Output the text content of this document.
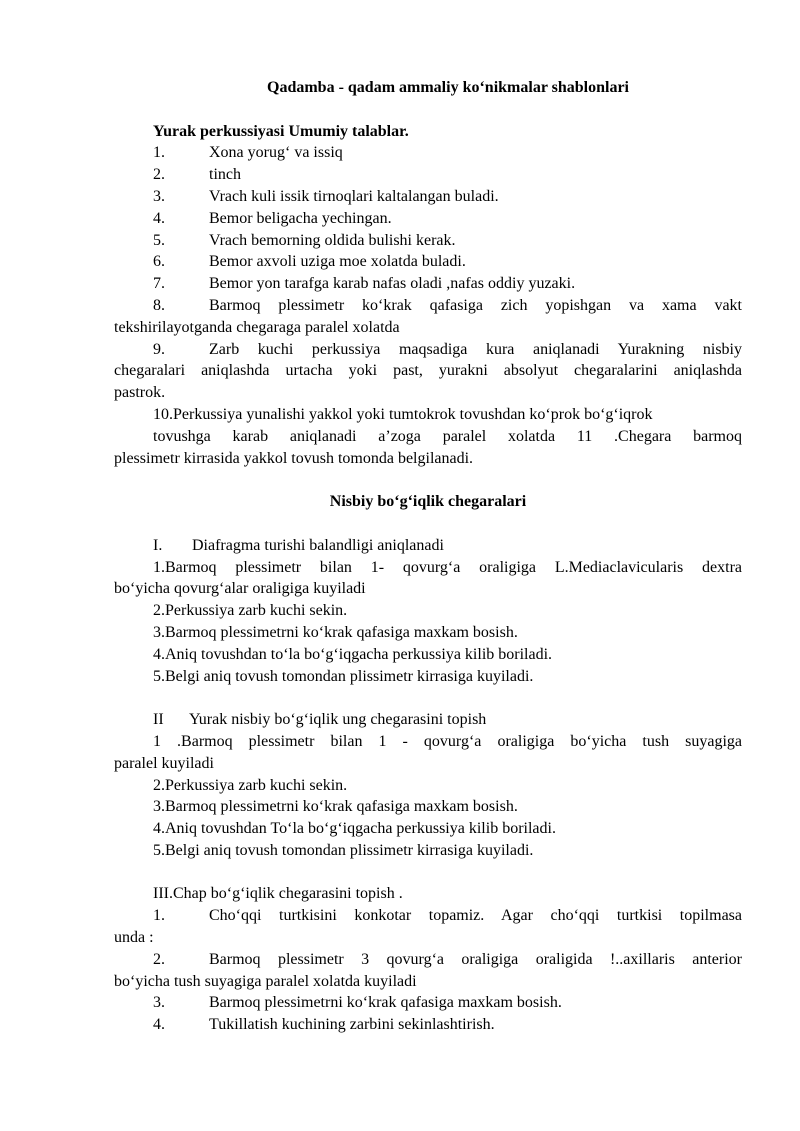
Qadamba - qadam ammaliy ko‘nikmalar shablonlari
Yurak perkussiyasi Umumiy talablar.
1.	Xona yorug‘ va issiq
2.	tinch
3.	Vrach kuli issik tirnoqlari kaltalangan buladi.
4.	Bemor beligacha yechingan.
5.	Vrach bemorning oldida bulishi kerak.
6.	Bemor axvoli uziga moe xolatda buladi.
7.	Bemor yon tarafga karab nafas oladi ,nafas oddiy yuzaki.
8.	Barmoq plessimetr ko‘krak qafasiga zich yopishgan va xama vakt
tekshirilayotganda chegaraga paralel xolatda
9.	Zarb kuchi perkussiya maqsadiga kura aniqlanadi Yurakning nisbiy
chegaralari aniqlashda urtacha yoki past, yurakni absolyut chegaralarini aniqlashda
pastrok.
10.Perkussiya yunalishi yakkol yoki tumtokrok tovushdan ko‘prok bo‘g‘iqrok
tovushga karab aniqlanadi a’zoga paralel xolatda 11 .Chegara barmoq
plessimetr kirrasida yakkol tovush tomonda belgilanadi.
Nisbiy bo‘g‘iqlik chegaralari
I. Diafragma turishi balandligi aniqlanadi
1.Barmoq plessimetr bilan 1- qovurg‘a oraligiga L.Mediaclavicularis dextra
bo‘yicha qovurg‘alar oraligiga kuyiladi
2.Perkussiya zarb kuchi sekin.
3.Barmoq plessimetrni ko‘krak qafasiga maxkam bosish.
4.Aniq tovushdan to‘la bo‘g‘iqgacha perkussiya kilib boriladi.
5.Belgi aniq tovush tomondan plissimetr kirrasiga kuyiladi.
II Yurak nisbiy bo‘g‘iqlik ung chegarasini topish
1 .Barmoq plessimetr bilan 1 - qovurg‘a oraligiga bo‘yicha tush suyagiga
paralel kuyiladi
2.Perkussiya zarb kuchi sekin.
3.Barmoq plessimetrni ko‘krak qafasiga maxkam bosish.
4.Aniq tovushdan To‘la bo‘g‘iqgacha perkussiya kilib boriladi.
5.Belgi aniq tovush tomondan plissimetr kirrasiga kuyiladi.
III.Chap bo‘g‘iqlik chegarasini topish .
1.	Cho‘qqi turtkisini konkotar topamiz. Agar cho‘qqi turtkisi topilmasa
unda :
2.	Barmoq plessimetr 3 qovurg‘a oraligiga oraligida !..axillaris anterior
bo‘yicha tush suyagiga paralel xolatda kuyiladi
3.	Barmoq plessimetrni ko‘krak qafasiga maxkam bosish.
4.	Tukillatish kuchining zarbini sekinlashtirish.
